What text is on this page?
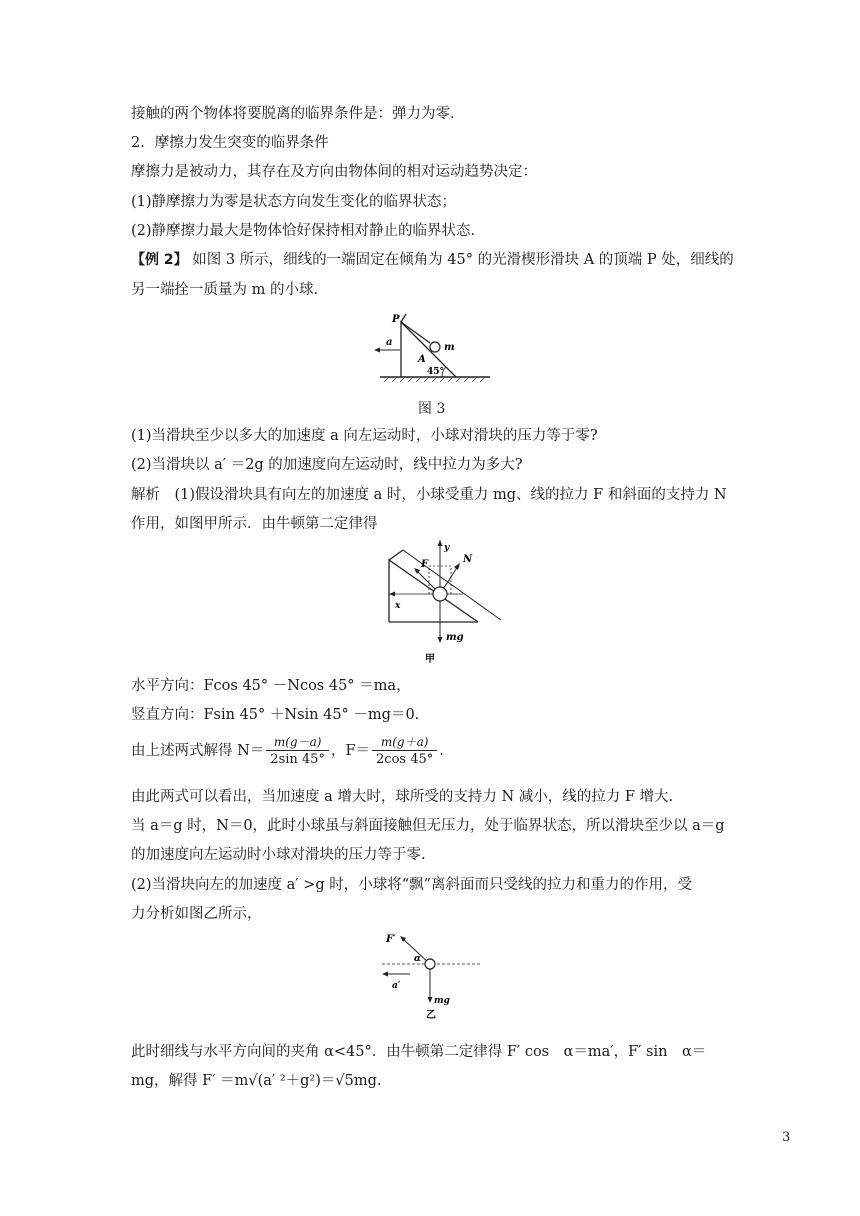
接触的两个物体将要脱离的临界条件是：弹力为零.
2．摩擦力发生突变的临界条件
摩擦力是被动力，其存在及方向由物体间的相对运动趋势决定：
(1)静摩擦力为零是状态方向发生变化的临界状态；
(2)静摩擦力最大是物体恰好保持相对静止的临界状态.
【例 2】 如图 3 所示，细线的一端固定在倾角为 45° 的光滑楔形滑块 A 的顶端 P 处，细线的
另一端拴一质量为 m 的小球.
P
m
a
A
45°
图 3
(1)当滑块至少以多大的加速度 a 向左运动时，小球对滑块的压力等于零?
(2)当滑块以 a′ ＝2g 的加速度向左运动时，线中拉力为多大?
解析　(1)假设滑块具有向左的加速度 a 时，小球受重力 mg、线的拉力 F 和斜面的支持力 N
作用，如图甲所示．由牛顿第二定律得
y
F	N
x
mg
甲
水平方向：Fcos 45° －Ncos 45° ＝ma，
竖直方向：Fsin 45° ＋Nsin 45° －mg＝0.
由上述两式解得 $N= \frac{m(g-a)}{2\sin 45^\circ}$ ，$F= \frac{m(g+a)}{2\cos 45^\circ}$ .
由此两式可以看出，当加速度 a 增大时，球所受的支持力 N 减小，线的拉力 F 增大.
当 a＝g 时，N＝0，此时小球虽与斜面接触但无压力，处于临界状态，所以滑块至少以 a＝g
的加速度向左运动时小球对滑块的压力等于零.
(2)当滑块向左的加速度 a′ >g 时，小球将“飘”离斜面而只受线的拉力和重力的作用，受
力分析如图乙所示，
F′
α
a′
mg
乙
此时细线与水平方向间的夹角 α<45°．由牛顿第二定律得 F′ cos　α＝ma′，F′ sin　α＝
mg，解得 F′ ＝m√(a′ ²＋g²)＝√5mg.
3
